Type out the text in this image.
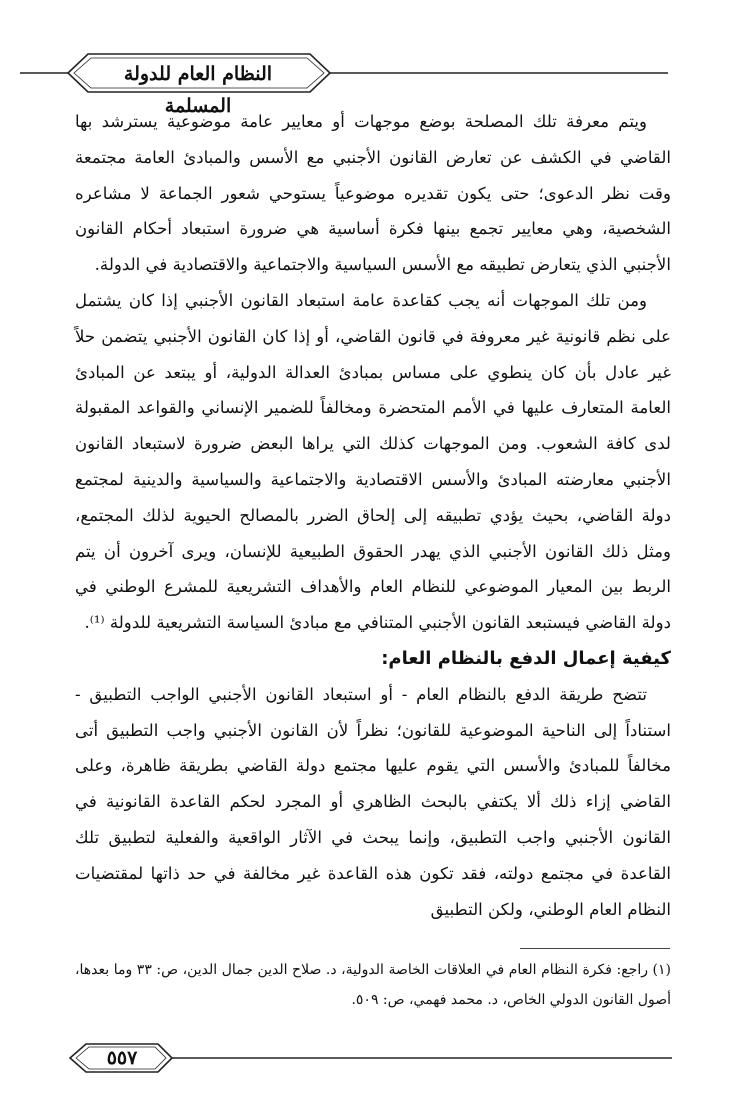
النظام العام للدولة المسلمة

ويتم معرفة تلك المصلحة بوضع موجهات أو معايير عامة موضوعية يسترشد بها القاضي في الكشف عن تعارض القانون الأجنبي مع الأسس والمبادئ العامة مجتمعة وقت نظر الدعوى؛ حتى يكون تقديره موضوعياً يستوحي شعور الجماعة لا مشاعره الشخصية، وهي معايير تجمع بينها فكرة أساسية هي ضرورة استبعاد أحكام القانون الأجنبي الذي يتعارض تطبيقه مع الأسس السياسية والاجتماعية والاقتصادية في الدولة.

ومن تلك الموجهات أنه يجب كقاعدة عامة استبعاد القانون الأجنبي إذا كان يشتمل على نظم قانونية غير معروفة في قانون القاضي، أو إذا كان القانون الأجنبي يتضمن حلاً غير عادل بأن كان ينطوي على مساس بمبادئ العدالة الدولية، أو يبتعد عن المبادئ العامة المتعارف عليها في الأمم المتحضرة ومخالفاً للضمير الإنساني والقواعد المقبولة لدى كافة الشعوب. ومن الموجهات كذلك التي يراها البعض ضرورة لاستبعاد القانون الأجنبي معارضته المبادئ والأسس الاقتصادية والاجتماعية والسياسية والدينية لمجتمع دولة القاضي، بحيث يؤدي تطبيقه إلى إلحاق الضرر بالمصالح الحيوية لذلك المجتمع، ومثل ذلك القانون الأجنبي الذي يهدر الحقوق الطبيعية للإنسان، ويرى آخرون أن يتم الربط بين المعيار الموضوعي للنظام العام والأهداف التشريعية للمشرع الوطني في دولة القاضي فيستبعد القانون الأجنبي المتنافي مع مبادئ السياسة التشريعية للدولة ⁽¹⁾.

كيفية إعمال الدفع بالنظام العام:

تتضح طريقة الدفع بالنظام العام - أو استبعاد القانون الأجنبي الواجب التطبيق - استناداً إلى الناحية الموضوعية للقانون؛ نظراً لأن القانون الأجنبي واجب التطبيق أتى مخالفاً للمبادئ والأسس التي يقوم عليها مجتمع دولة القاضي بطريقة ظاهرة، وعلى القاضي إزاء ذلك ألا يكتفي بالبحث الظاهري أو المجرد لحكم القاعدة القانونية في القانون الأجنبي واجب التطبيق، وإنما يبحث في الآثار الواقعية والفعلية لتطبيق تلك القاعدة في مجتمع دولته، فقد تكون هذه القاعدة غير مخالفة في حد ذاتها لمقتضيات النظام العام الوطني، ولكن التطبيق

(١) راجع: فكرة النظام العام في العلاقات الخاصة الدولية، د. صلاح الدين جمال الدين، ص: ٣٣ وما بعدها، أصول القانون الدولي الخاص، د. محمد فهمي، ص: ٥٠٩.

٥٥٧
